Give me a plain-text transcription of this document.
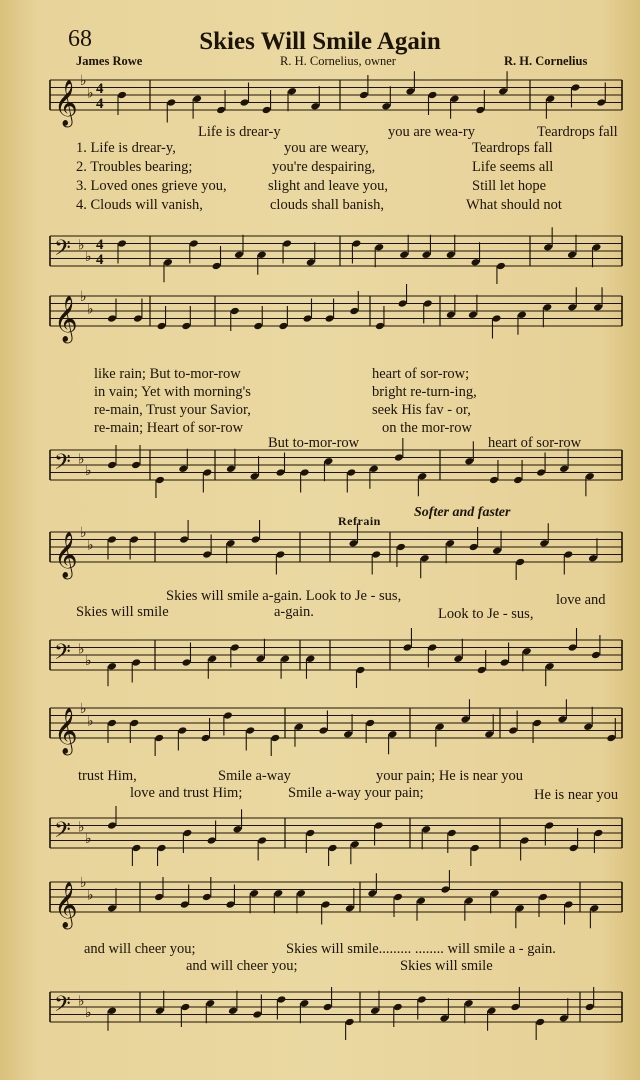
68	Skies Will Smile Again
James Rowe	R. H. Cornelius, owner	R. H. Cornelius
𝄞 ♭
♭ 4
4
𝄢 ♭
♭
4
4
𝄞 ♭
♭
𝄢 ♭
♭
𝄞 ♭
♭
𝄢 ♭
♭
𝄞 ♭
♭
𝄢 ♭
♭
𝄞 ♭
♭
𝄢 ♭
♭
Life is drear-y	you are wea-ry	Teardrops fall
1. Life is drear-y,	you are weary,	Teardrops fall
2. Troubles bearing;	you're despairing,	Life seems all
3. Loved ones grieve you,	slight and leave you,	Still let hope
4. Clouds will vanish,	clouds shall banish,	What should not
like rain; But to-mor-row	heart of sor-row;
in vain; Yet with morning's	bright re-turn-ing,
re-main, Trust your Savior,	seek His fav - or,
re-main; Heart of sor-row	on the mor-row
But to-mor-row	heart of sor-row
Refrain
Softer and faster
Skies will smile a-gain. Look to Je - sus,	love and
Skies will smile	a-gain.	Look to Je - sus,
trust Him,	Smile a-way	your pain; He is near you
love and trust Him;	Smile a-way your pain;	He is near you
and will cheer you;	Skies will smile......... ........ will smile a - gain.
and will cheer you;	Skies will smile
